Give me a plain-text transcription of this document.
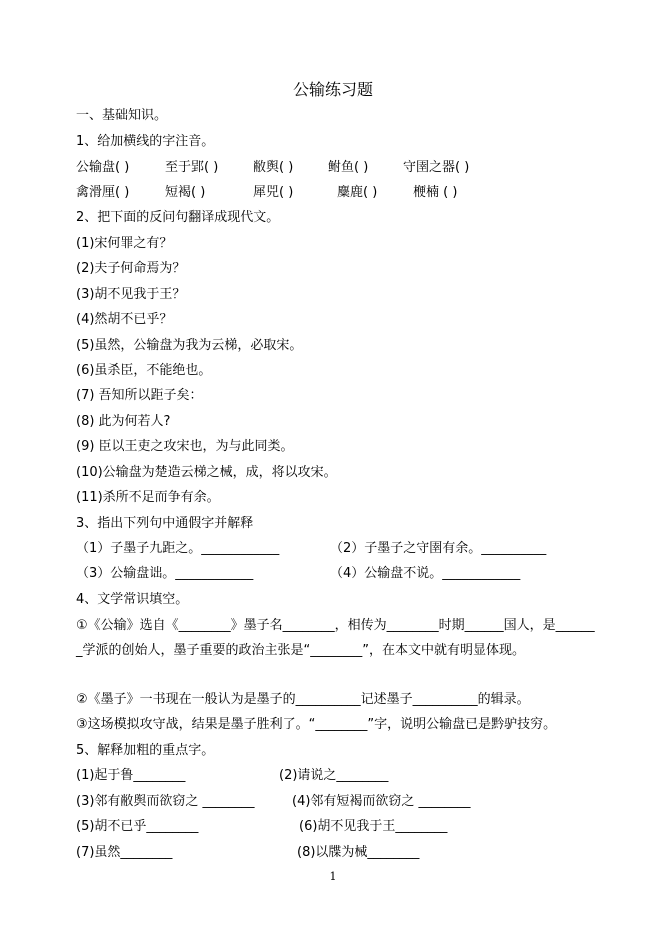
公输练习题
一、基础知识。
1、给加横线的字注音。
公输盘( )	至于郢( )	敝舆( )	鲋鱼( )	守圉之器( )
禽滑厘( )	短褐( )	犀兕( )	麋鹿( )	楩楠 ( )
2、把下面的反问句翻译成现代文。
(1)宋何罪之有？
(2)夫子何命焉为？
(3)胡不见我于王？
(4)然胡不已乎？
(5)虽然，公输盘为我为云梯，必取宋。
(6)虽杀臣，不能绝也。
(7) 吾知所以距子矣：
(8) 此为何若人?
(9) 臣以王吏之攻宋也，为与此同类。
(10)公输盘为楚造云梯之械，成，将以攻宋。
(11)杀所不足而争有余。
3、指出下列句中通假字并解释
（1）子墨子九距之。____________	（2）子墨子之守圉有余。__________
（3）公输盘诎。____________	（4）公输盘不说。____________
4、文学常识填空。
①《公输》选自《________》墨子名________，相传为________时期______国人，是_______学派的创始人，墨子重要的政治主张是“________”，在本文中就有明显体现。
②《墨子》一书现在一般认为是墨子的__________记述墨子__________的辑录。
③这场模拟攻守战，结果是墨子胜利了。“________”字，说明公输盘已是黔驴技穷。
5、解释加粗的重点字。
(1)起于鲁________	(2)请说之________
(3)邻有敝舆而欲窃之 ________	(4)邻有短褐而欲窃之 ________
(5)胡不已乎________	(6)胡不见我于王________
(7)虽然________	(8)以牒为械________
1
